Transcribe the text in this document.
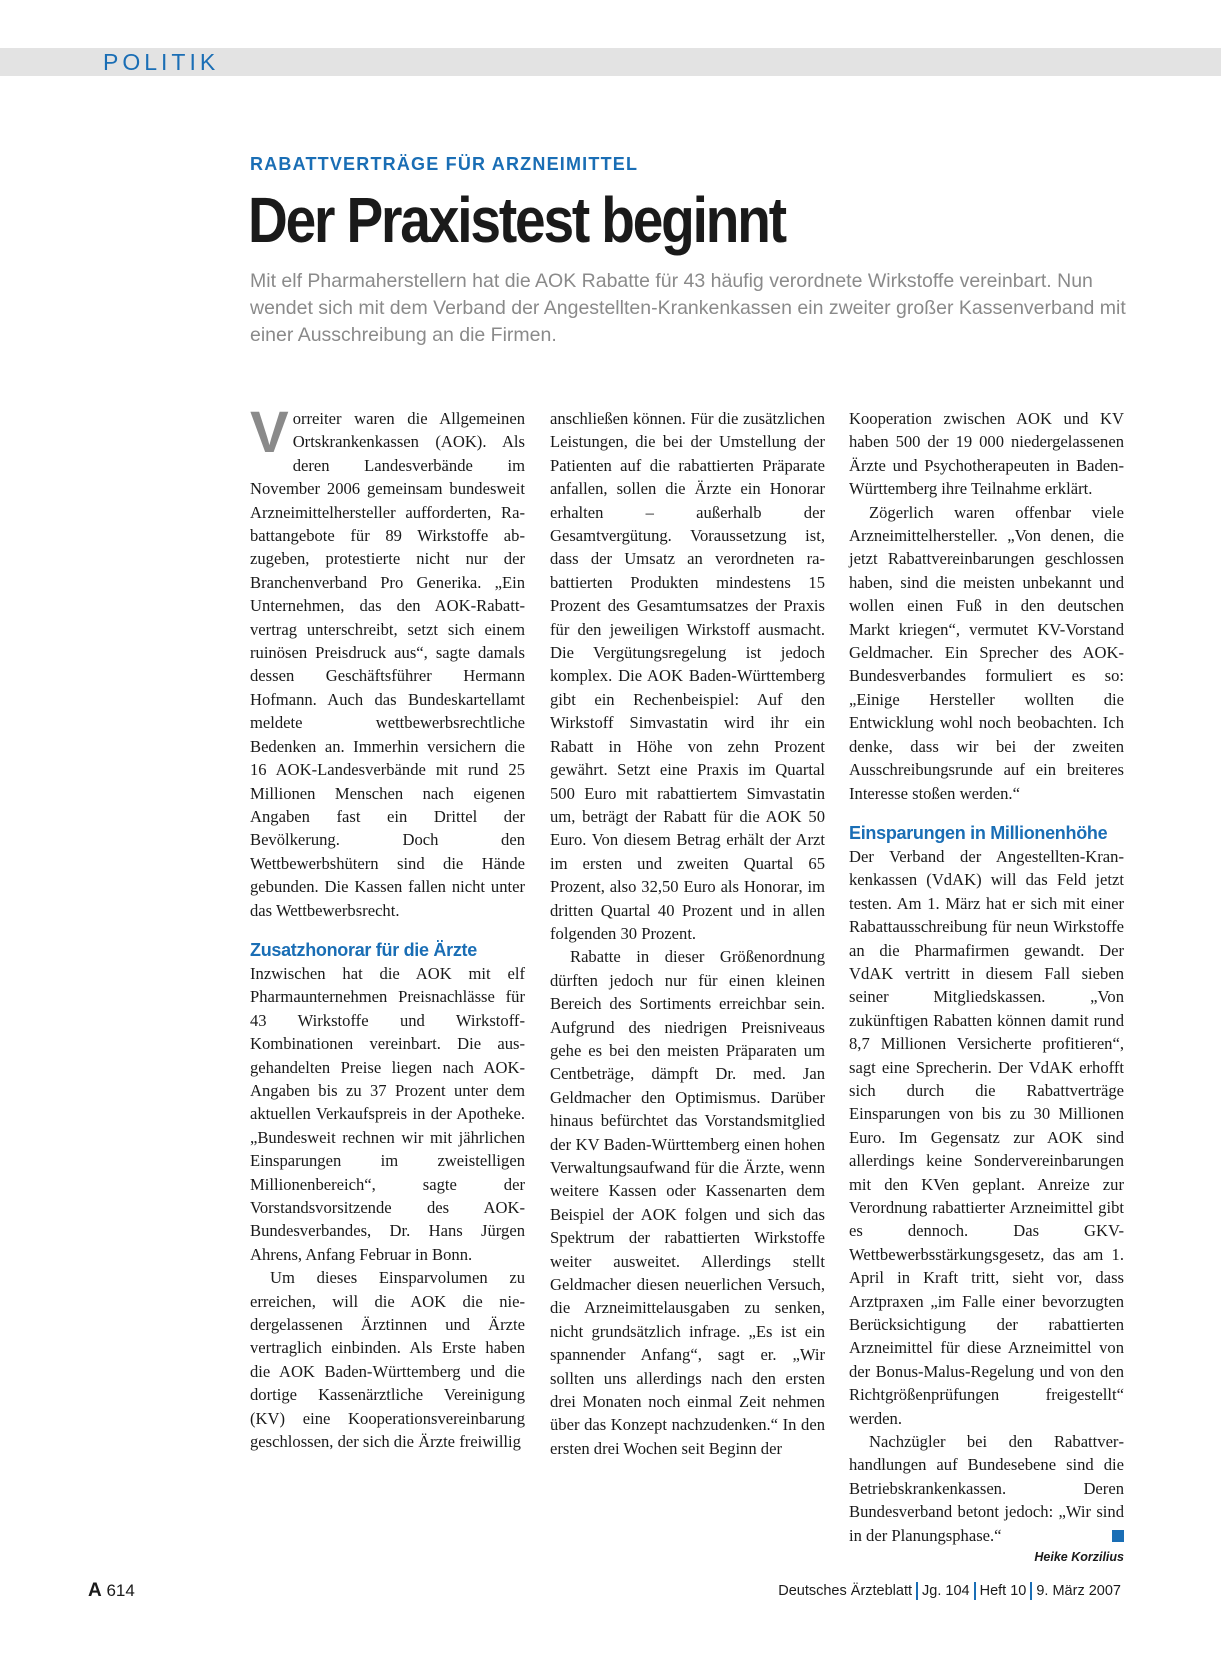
POLITIK
RABATTVERTRÄGE FÜR ARZNEIMITTEL
Der Praxistest beginnt
Mit elf Pharmaherstellern hat die AOK Rabatte für 43 häufig verordnete Wirkstoffe vereinbart. Nun wendet sich mit dem Verband der Angestellten-Krankenkassen ein zweiter großer Kassenverband mit einer Ausschreibung an die Firmen.

Vorreiter waren die Allgemeinen Ortskrankenkassen (AOK). Als deren Landesverbände im November 2006 gemeinsam bundesweit Arzneimittelhersteller aufforderten, Rabattangebote für 89 Wirkstoffe abzugeben, protestierte nicht nur der Branchenverband Pro Generika. „Ein Unternehmen, das den AOK-Rabattvertrag unterschreibt, setzt sich einem ruinösen Preisdruck aus“, sagte damals dessen Geschäftsführer Hermann Hofmann. Auch das Bundeskartellamt meldete wettbewerbsrechtliche Bedenken an. Immerhin versichern die 16 AOK-Landesverbände mit rund 25 Millionen Menschen nach eigenen Angaben fast ein Drittel der Bevölkerung. Doch den Wettbewerbshütern sind die Hände gebunden. Die Kassen fallen nicht unter das Wettbewerbsrecht.

Zusatzhonorar für die Ärzte

Inzwischen hat die AOK mit elf Pharmaunternehmen Preisnachlässe für 43 Wirkstoffe und Wirkstoff-Kombinationen vereinbart. Die ausgehandelten Preise liegen nach AOK-Angaben bis zu 37 Prozent unter dem aktuellen Verkaufspreis in der Apotheke. „Bundesweit rechnen wir mit jährlichen Einsparungen im zweistelligen Millionenbereich“, sagte der Vorstandsvorsitzende des AOK-Bundesverbandes, Dr. Hans Jürgen Ahrens, Anfang Februar in Bonn.

Um dieses Einsparvolumen zu erreichen, will die AOK die niedergelassenen Ärztinnen und Ärzte vertraglich einbinden. Als Erste haben die AOK Baden-Württemberg und die dortige Kassenärztliche Vereinigung (KV) eine Kooperationsvereinbarung geschlossen, der sich die Ärzte freiwillig

anschließen können. Für die zusätzlichen Leistungen, die bei der Umstellung der Patienten auf die rabattierten Präparate anfallen, sollen die Ärzte ein Honorar erhalten – außerhalb der Gesamtvergütung. Voraussetzung ist, dass der Umsatz an verordneten rabattierten Produkten mindestens 15 Prozent des Gesamtumsatzes der Praxis für den jeweiligen Wirkstoff ausmacht. Die Vergütungsregelung ist jedoch komplex. Die AOK Baden-Württemberg gibt ein Rechenbeispiel: Auf den Wirkstoff Simvastatin wird ihr ein Rabatt in Höhe von zehn Prozent gewährt. Setzt eine Praxis im Quartal 500 Euro mit rabattiertem Simvastatin um, beträgt der Rabatt für die AOK 50 Euro. Von diesem Betrag erhält der Arzt im ersten und zweiten Quartal 65 Prozent, also 32,50 Euro als Honorar, im dritten Quartal 40 Prozent und in allen folgenden 30 Prozent.

Rabatte in dieser Größenordnung dürften jedoch nur für einen kleinen Bereich des Sortiments erreichbar sein. Aufgrund des niedrigen Preisniveaus gehe es bei den meisten Präparaten um Centbeträge, dämpft Dr. med. Jan Geldmacher den Optimismus. Darüber hinaus befürchtet das Vorstandsmitglied der KV Baden-Württemberg einen hohen Verwaltungsaufwand für die Ärzte, wenn weitere Kassen oder Kassenarten dem Beispiel der AOK folgen und sich das Spektrum der rabattierten Wirkstoffe weiter ausweitet. Allerdings stellt Geldmacher diesen neuerlichen Versuch, die Arzneimittelausgaben zu senken, nicht grundsätzlich infrage. „Es ist ein spannender Anfang“, sagt er. „Wir sollten uns allerdings nach den ersten drei Monaten noch einmal Zeit nehmen über das Konzept nachzudenken.“ In den ersten drei Wochen seit Beginn der

Kooperation zwischen AOK und KV haben 500 der 19 000 niedergelassenen Ärzte und Psychotherapeuten in Baden-Württemberg ihre Teilnahme erklärt.

Zögerlich waren offenbar viele Arzneimittelhersteller. „Von denen, die jetzt Rabattvereinbarungen geschlossen haben, sind die meisten unbekannt und wollen einen Fuß in den deutschen Markt kriegen“, vermutet KV-Vorstand Geldmacher. Ein Sprecher des AOK-Bundesverbandes formuliert es so: „Einige Hersteller wollten die Entwicklung wohl noch beobachten. Ich denke, dass wir bei der zweiten Ausschreibungsrunde auf ein breiteres Interesse stoßen werden.“

Einsparungen in Millionenhöhe

Der Verband der Angestellten-Krankenkassen (VdAK) will das Feld jetzt testen. Am 1. März hat er sich mit einer Rabattausschreibung für neun Wirkstoffe an die Pharmafirmen gewandt. Der VdAK vertritt in diesem Fall sieben seiner Mitgliedskassen. „Von zukünftigen Rabatten können damit rund 8,7 Millionen Versicherte profitieren“, sagt eine Sprecherin. Der VdAK erhofft sich durch die Rabattverträge Einsparungen von bis zu 30 Millionen Euro. Im Gegensatz zur AOK sind allerdings keine Sondervereinbarungen mit den KVen geplant. Anreize zur Verordnung rabattierter Arzneimittel gibt es dennoch. Das GKV-Wettbewerbsstärkungsgesetz, das am 1. April in Kraft tritt, sieht vor, dass Arztpraxen „im Falle einer bevorzugten Berücksichtigung der rabattierten Arzneimittel für diese Arzneimittel von der Bonus-Malus-Regelung und von den Richtgrößenprüfungen freigestellt“ werden.

Nachzügler bei den Rabattverhandlungen auf Bundesebene sind die Betriebskrankenkassen. Deren Bundesverband betont jedoch: „Wir sind in der Planungsphase.“

Heike Korzilius
A 614	Deutsches Ärzteblatt Jg. 104 Heft 10 9. März 2007
